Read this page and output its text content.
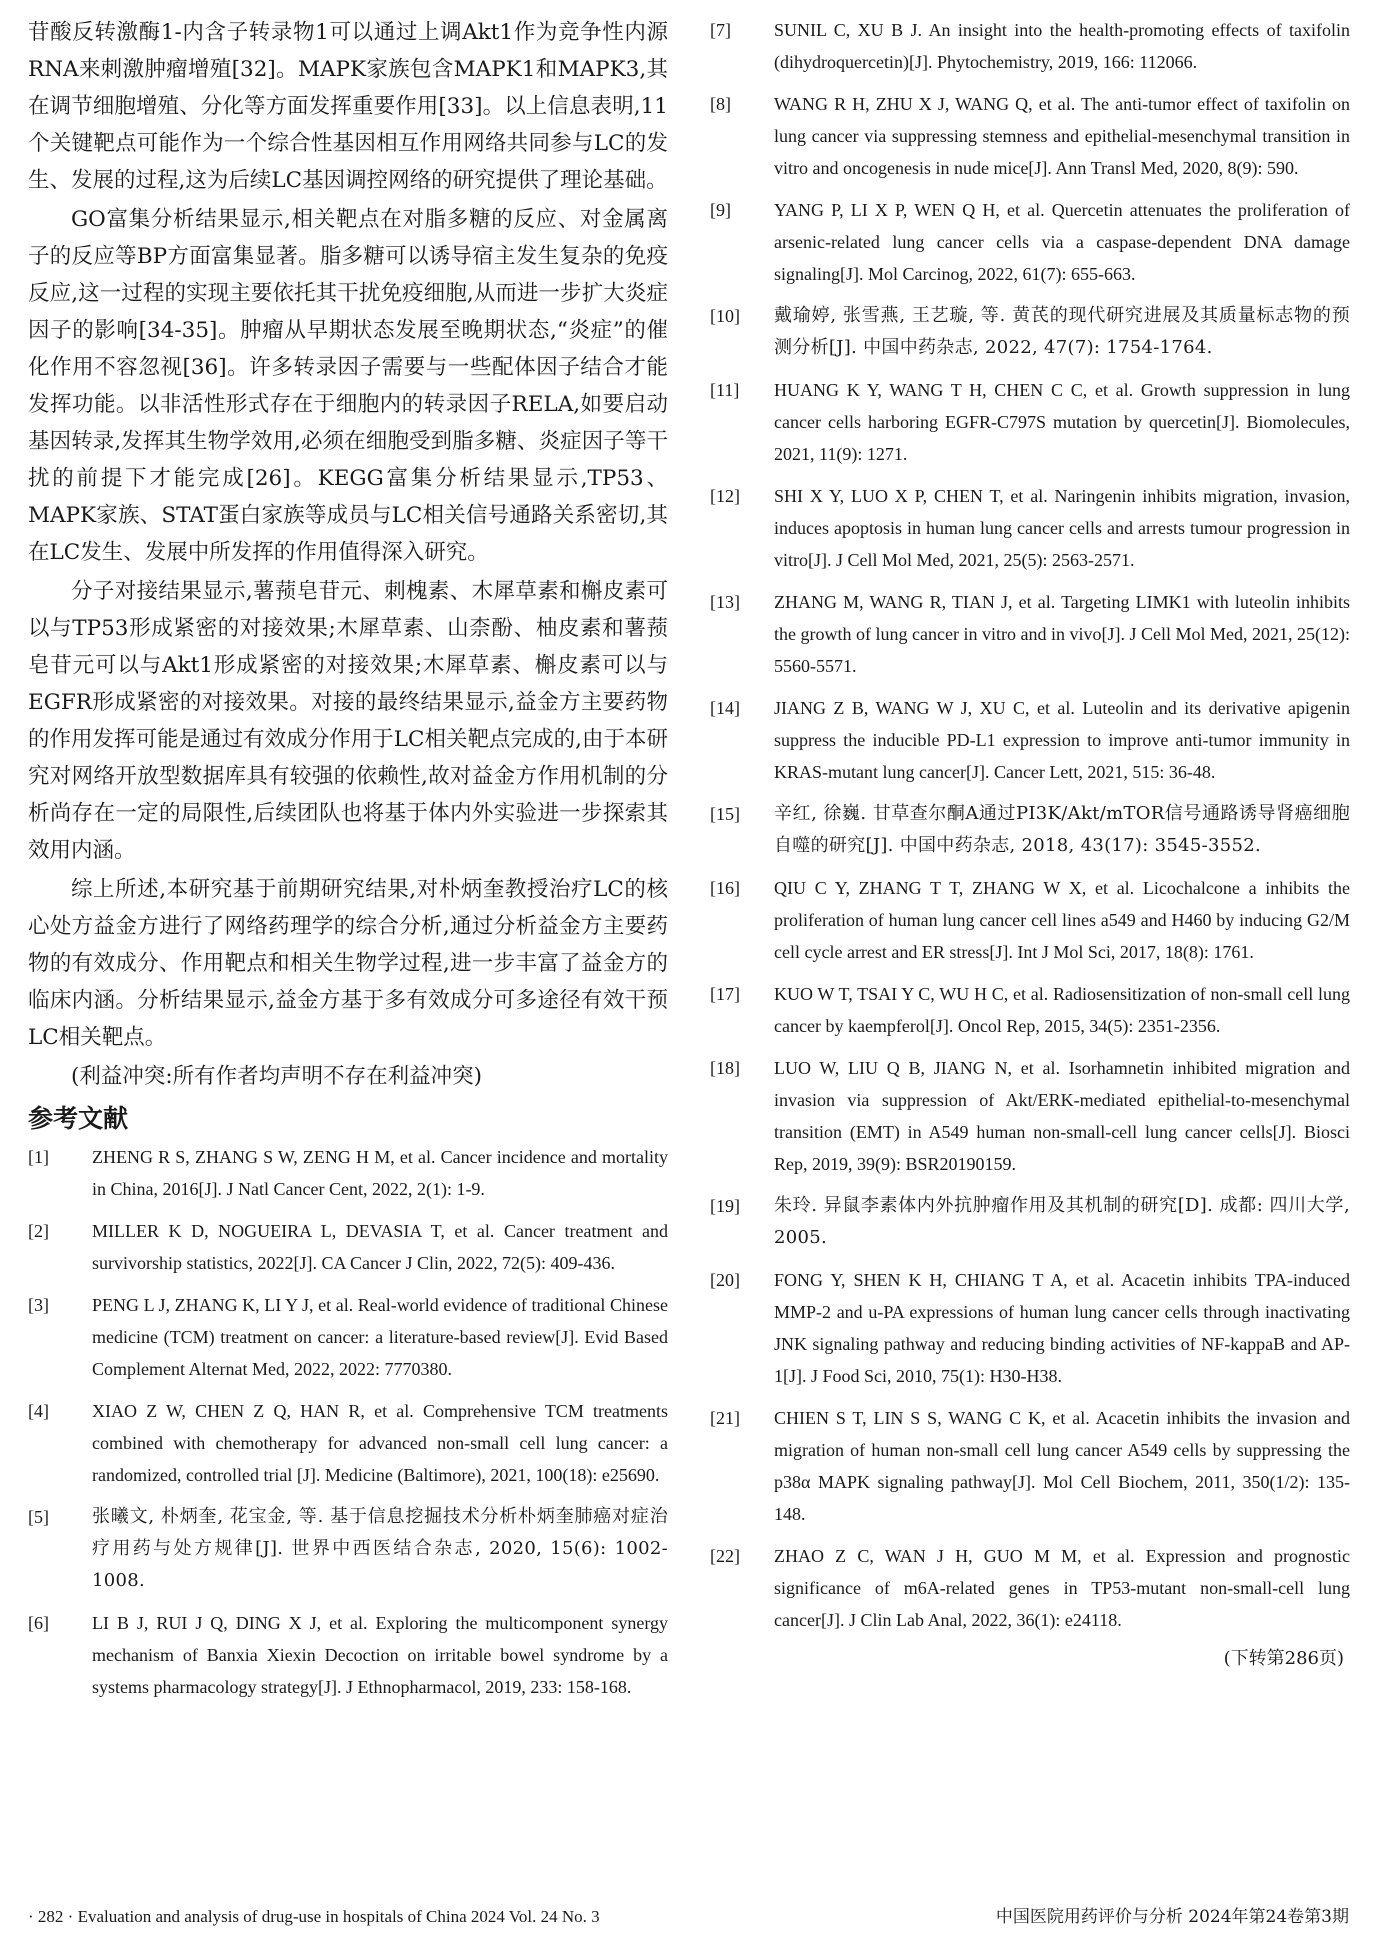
苷酸反转激酶1-内含子转录物1可以通过上调Akt1作为竞争性内源RNA来刺激肿瘤增殖[32]。MAPK家族包含MAPK1和MAPK3,其在调节细胞增殖、分化等方面发挥重要作用[33]。以上信息表明,11个关键靶点可能作为一个综合性基因相互作用网络共同参与LC的发生、发展的过程,这为后续LC基因调控网络的研究提供了理论基础。

GO富集分析结果显示,相关靶点在对脂多糖的反应、对金属离子的反应等BP方面富集显著。脂多糖可以诱导宿主发生复杂的免疫反应,这一过程的实现主要依托其干扰免疫细胞,从而进一步扩大炎症因子的影响[34-35]。肿瘤从早期状态发展至晚期状态,“炎症”的催化作用不容忽视[36]。许多转录因子需要与一些配体因子结合才能发挥功能。以非活性形式存在于细胞内的转录因子RELA,如要启动基因转录,发挥其生物学效用,必须在细胞受到脂多糖、炎症因子等干扰的前提下才能完成[26]。KEGG富集分析结果显示,TP53、MAPK家族、STAT蛋白家族等成员与LC相关信号通路关系密切,其在LC发生、发展中所发挥的作用值得深入研究。

分子对接结果显示,薯蓣皂苷元、刺槐素、木犀草素和槲皮素可以与TP53形成紧密的对接效果;木犀草素、山柰酚、柚皮素和薯蓣皂苷元可以与Akt1形成紧密的对接效果;木犀草素、槲皮素可以与EGFR形成紧密的对接效果。对接的最终结果显示,益金方主要药物的作用发挥可能是通过有效成分作用于LC相关靶点完成的,由于本研究对网络开放型数据库具有较强的依赖性,故对益金方作用机制的分析尚存在一定的局限性,后续团队也将基于体内外实验进一步探索其效用内涵。

综上所述,本研究基于前期研究结果,对朴炳奎教授治疗LC的核心处方益金方进行了网络药理学的综合分析,通过分析益金方主要药物的有效成分、作用靶点和相关生物学过程,进一步丰富了益金方的临床内涵。分析结果显示,益金方基于多有效成分可多途径有效干预LC相关靶点。

(利益冲突:所有作者均声明不存在利益冲突)

参考文献
[1]	ZHENG R S, ZHANG S W, ZENG H M, et al. Cancer incidence and mortality in China, 2016[J]. J Natl Cancer Cent, 2022, 2(1): 1-9.
[2]	MILLER K D, NOGUEIRA L, DEVASIA T, et al. Cancer treatment and survivorship statistics, 2022[J]. CA Cancer J Clin, 2022, 72(5): 409-436.
[3]	PENG L J, ZHANG K, LI Y J, et al. Real-world evidence of traditional Chinese medicine (TCM) treatment on cancer: a literature-based review[J]. Evid Based Complement Alternat Med, 2022, 2022: 7770380.
[4]	XIAO Z W, CHEN Z Q, HAN R, et al. Comprehensive TCM treatments combined with chemotherapy for advanced non-small cell lung cancer: a randomized, controlled trial [J]. Medicine (Baltimore), 2021, 100(18): e25690.
[5]	张曦文, 朴炳奎, 花宝金, 等. 基于信息挖掘技术分析朴炳奎肺癌对症治疗用药与处方规律[J]. 世界中西医结合杂志, 2020, 15(6): 1002-1008.
[6]	LI B J, RUI J Q, DING X J, et al. Exploring the multicomponent synergy mechanism of Banxia Xiexin Decoction on irritable bowel syndrome by a systems pharmacology strategy[J]. J Ethnopharmacol, 2019, 233: 158-168.
[7]	SUNIL C, XU B J. An insight into the health-promoting effects of taxifolin (dihydroquercetin)[J]. Phytochemistry, 2019, 166: 112066.
[8]	WANG R H, ZHU X J, WANG Q, et al. The anti-tumor effect of taxifolin on lung cancer via suppressing stemness and epithelial-mesenchymal transition in vitro and oncogenesis in nude mice[J]. Ann Transl Med, 2020, 8(9): 590.
[9]	YANG P, LI X P, WEN Q H, et al. Quercetin attenuates the proliferation of arsenic-related lung cancer cells via a caspase-dependent DNA damage signaling[J]. Mol Carcinog, 2022, 61(7): 655-663.
[10]	戴瑜婷, 张雪燕, 王艺璇, 等. 黄芪的现代研究进展及其质量标志物的预测分析[J]. 中国中药杂志, 2022, 47(7): 1754-1764.
[11]	HUANG K Y, WANG T H, CHEN C C, et al. Growth suppression in lung cancer cells harboring EGFR-C797S mutation by quercetin[J]. Biomolecules, 2021, 11(9): 1271.
[12]	SHI X Y, LUO X P, CHEN T, et al. Naringenin inhibits migration, invasion, induces apoptosis in human lung cancer cells and arrests tumour progression in vitro[J]. J Cell Mol Med, 2021, 25(5): 2563-2571.
[13]	ZHANG M, WANG R, TIAN J, et al. Targeting LIMK1 with luteolin inhibits the growth of lung cancer in vitro and in vivo[J]. J Cell Mol Med, 2021, 25(12): 5560-5571.
[14]	JIANG Z B, WANG W J, XU C, et al. Luteolin and its derivative apigenin suppress the inducible PD-L1 expression to improve anti-tumor immunity in KRAS-mutant lung cancer[J]. Cancer Lett, 2021, 515: 36-48.
[15]	辛红, 徐巍. 甘草查尔酮A通过PI3K/Akt/mTOR信号通路诱导肾癌细胞自噬的研究[J]. 中国中药杂志, 2018, 43(17): 3545-3552.
[16]	QIU C Y, ZHANG T T, ZHANG W X, et al. Licochalcone a inhibits the proliferation of human lung cancer cell lines a549 and H460 by inducing G2/M cell cycle arrest and ER stress[J]. Int J Mol Sci, 2017, 18(8): 1761.
[17]	KUO W T, TSAI Y C, WU H C, et al. Radiosensitization of non-small cell lung cancer by kaempferol[J]. Oncol Rep, 2015, 34(5): 2351-2356.
[18]	LUO W, LIU Q B, JIANG N, et al. Isorhamnetin inhibited migration and invasion via suppression of Akt/ERK-mediated epithelial-to-mesenchymal transition (EMT) in A549 human non-small-cell lung cancer cells[J]. Biosci Rep, 2019, 39(9): BSR20190159.
[19]	朱玲. 异鼠李素体内外抗肿瘤作用及其机制的研究[D]. 成都: 四川大学, 2005.
[20]	FONG Y, SHEN K H, CHIANG T A, et al. Acacetin inhibits TPA-induced MMP-2 and u-PA expressions of human lung cancer cells through inactivating JNK signaling pathway and reducing binding activities of NF-kappaB and AP-1[J]. J Food Sci, 2010, 75(1): H30-H38.
[21]	CHIEN S T, LIN S S, WANG C K, et al. Acacetin inhibits the invasion and migration of human non-small cell lung cancer A549 cells by suppressing the p38α MAPK signaling pathway[J]. Mol Cell Biochem, 2011, 350(1/2): 135-148.
[22]	ZHAO Z C, WAN J H, GUO M M, et al. Expression and prognostic significance of m6A-related genes in TP53-mutant non-small-cell lung cancer[J]. J Clin Lab Anal, 2022, 36(1): e24118.
(下转第286页)
· 282 · Evaluation and analysis of drug-use in hospitals of China 2024 Vol. 24 No. 3	中国医院用药评价与分析 2024年第24卷第3期
